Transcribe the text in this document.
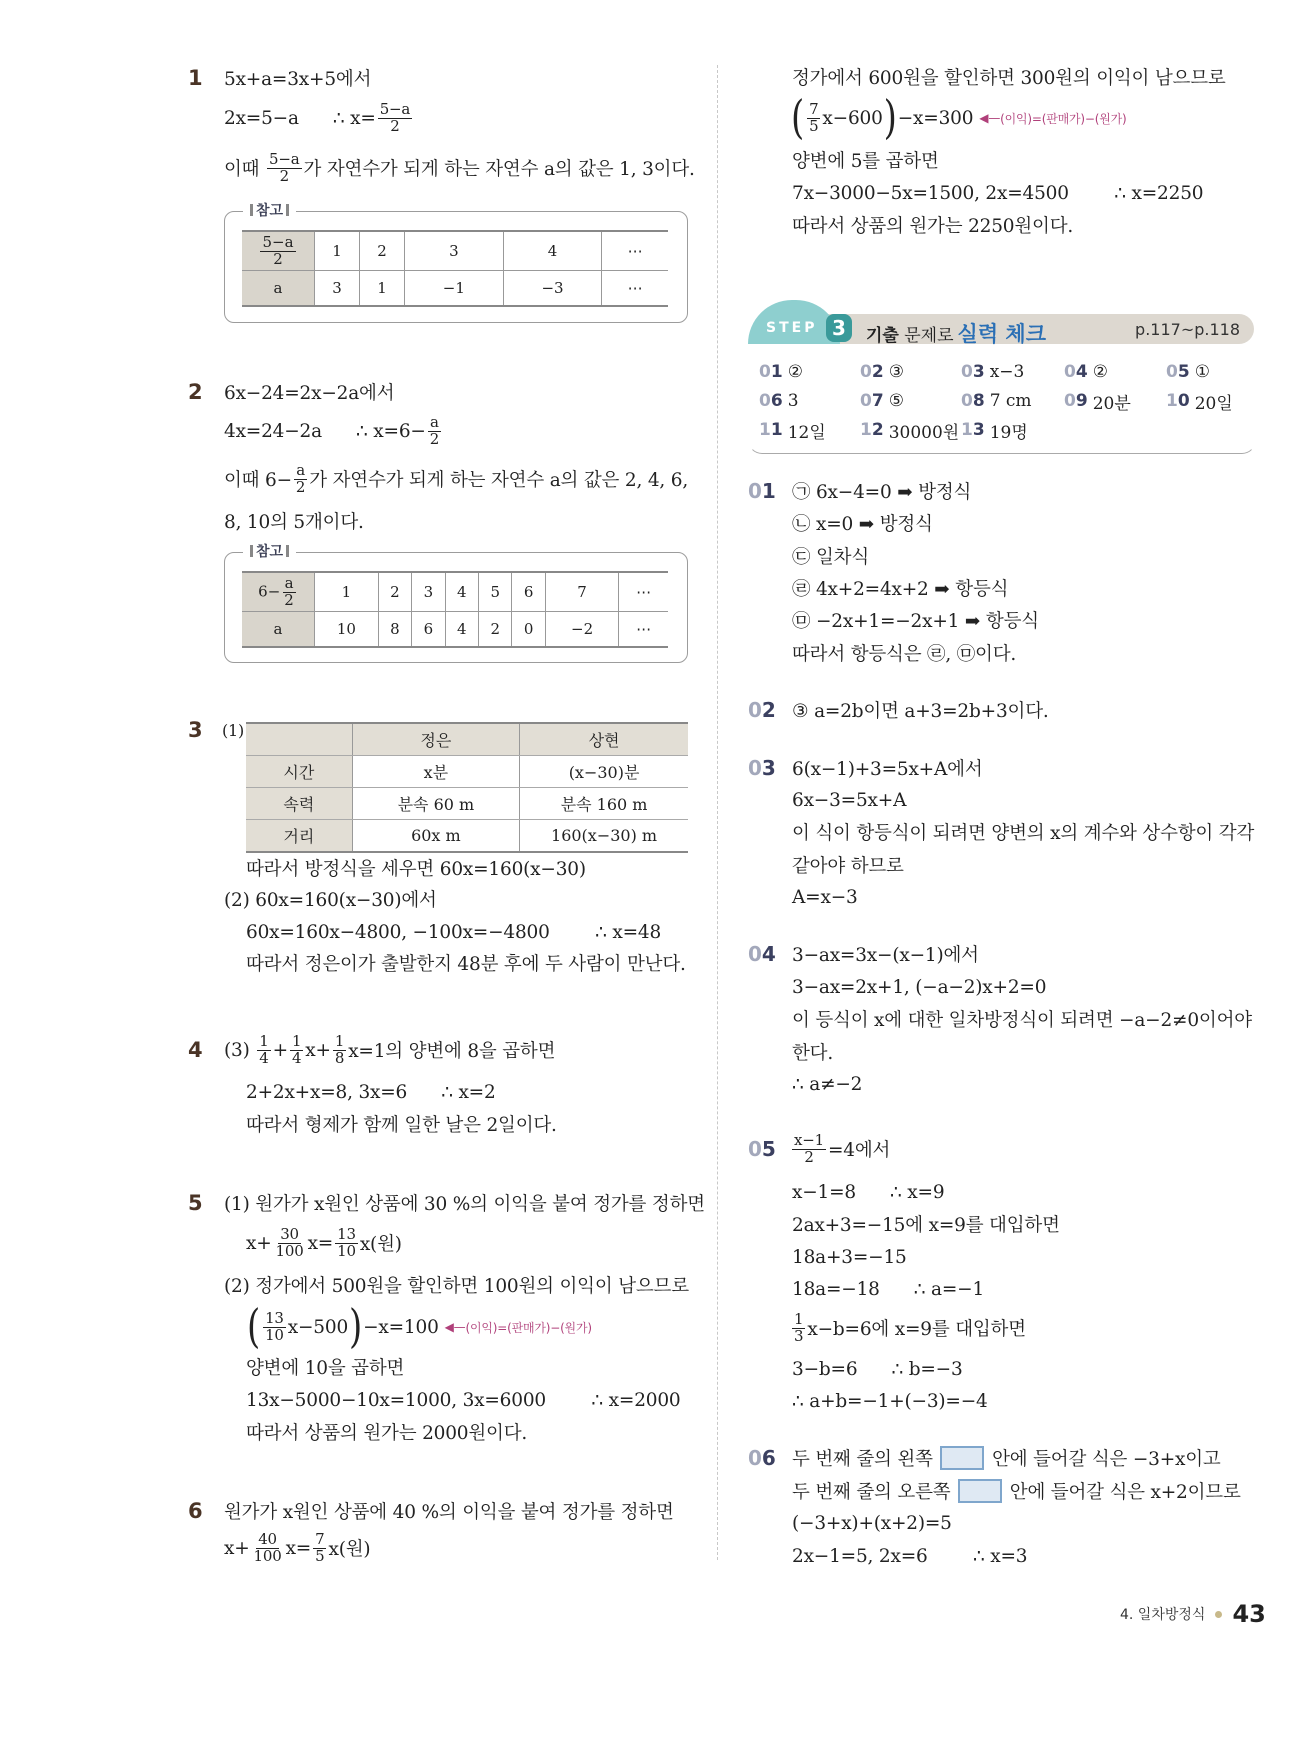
1 5x+a=3x+5에서
2x=5−a      ∴ $x= \frac{5-a}{2}$
이때 $\frac{5-a}{2}$ 가 자연수가 되게 하는 자연수 a의 값은 1, 3이다.
참고
$\frac{5-a}{2}$	1	2	3	4	⋯
a	3	1	−1	−3	⋯
2 6x−24=2x−2a에서
4x=24−2a      ∴ $x=6- \frac{a}{2}$
이때 $6- \frac{a}{2}$ 가 자연수가 되게 하는 자연수 a의 값은 2, 4, 6,
8, 10의 5개이다.
참고
$6- \frac{a}{2}$	1	2	3	4	5	6	7	⋯
a	10	8	6	4	2	0	−2	⋯
3 (1)
	정은	상현
시간	x분	(x−30)분
속력	분속 60 m	분속 160 m
거리	60x m	160(x−30) m
따라서 방정식을 세우면 60x=160(x−30)
(2) 60x=160(x−30)에서
60x=160x−4800, −100x=−4800        ∴ x=48
따라서 정은이가 출발한지 48분 후에 두 사람이 만난다.
4 $(3) \frac{1}{4} + \frac{1}{4} x+ \frac{1}{8} x=1$의 양변에 8을 곱하면
2+2x+x=8, 3x=6      ∴ x=2
따라서 형제가 함께 일한 날은 2일이다.
5 (1) 원가가 x원인 상품에 30 %의 이익을 붙여 정가를 정하면
$x+ \frac{30}{100} x= \frac{13}{10} x$(원)
(2) 정가에서 500원을 할인하면 100원의 이익이 남으므로
( $\frac{13}{10} x-500$ ) −x=100 ◀— (이익)=(판매가)−(원가)
양변에 10을 곱하면
13x−5000−10x=1000, 3x=6000        ∴ x=2000
따라서 상품의 원가는 2000원이다.
6 원가가 x원인 상품에 40 %의 이익을 붙여 정가를 정하면
$x+ \frac{40}{100} x= \frac{7}{5} x$(원)
정가에서 600원을 할인하면 300원의 이익이 남으므로
( $\frac{7}{5} x-600$ ) −x=300 ◀— (이익)=(판매가)−(원가)
양변에 5를 곱하면
7x−3000−5x=1500, 2x=4500        ∴ x=2250
따라서 상품의 원가는 2250원이다.
STEP 3	기출 문제로 실력 체크	p.117~p.118
01 ②	02 ③	03 x−3 04 ②	05 ①
06 3	07 ⑤	08 7 cm 09 20분 10 20일
11 12일 12 30000원 13 19명
0 1 ㉠ 6x−4=0 ➡ 방정식
㉡ x=0 ➡ 방정식
㉢ 일차식
㉣ 4x+2=4x+2 ➡ 항등식
㉤ −2x+1=−2x+1 ➡ 항등식
따라서 항등식은 ㉣, ㉤이다.
0 2 ③ a=2b이면 a+3=2b+3이다.
0 3 6(x−1)+3=5x+A에서
6x−3=5x+A
이 식이 항등식이 되려면 양변의 x의 계수와 상수항이 각각
같아야 하므로
A=x−3
0 4 3−ax=3x−(x−1)에서
3−ax=2x+1, (−a−2)x+2=0
이 등식이 x에 대한 일차방정식이 되려면 −a−2≠0이어야
한다.
∴ a≠−2
0 $5 \frac{x-1}{2} =4$에서
x−1=8      ∴ x=9
2ax+3=−15에 x=9를 대입하면
18a+3=−15
18a=−18      ∴ a=−1
$\frac{1}{3} x-b=6$에 x=9를 대입하면
3−b=6      ∴ b=−3
∴ a+b=−1+(−3)=−4
0 6 두 번째 줄의 왼쪽	안에 들어갈 식은 −3+x이고
두 번째 줄의 오른쪽	안에 들어갈 식은 x+2이므로
(−3+x)+(x+2)=5
2x−1=5, 2x=6        ∴ x=3
4. 일차방정식 43
